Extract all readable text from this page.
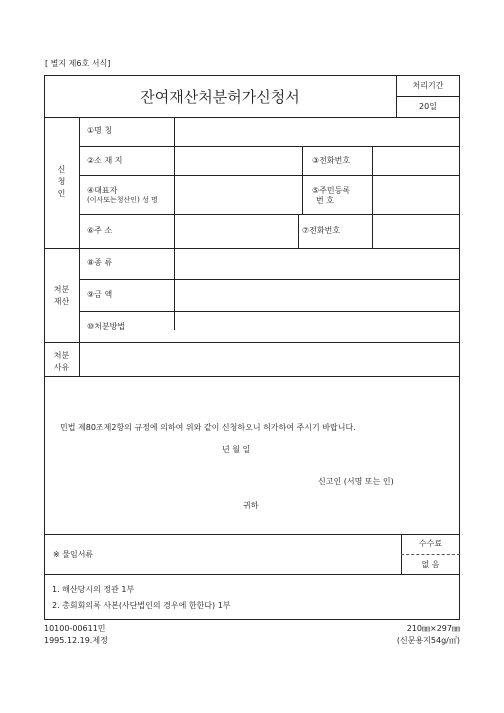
[ 별지 제6호 서식]
잔여재산처분허가신청서
처리기간
20일
신
청
인
①명 칭
②소 재 지	③전화번호
④대표자
(이사또는청산인) 성 명
⑤주민등록
번 호
⑥주 소	⑦전화번호
처분
재산
⑧종 류
⑨금 액
⑩처분방법
처분
사유
민법 제80조제2항의 규정에 의하여 위와 같이 신청하오니 허가하여 주시기 바랍니다.
년 월 일
신고인 (서명 또는 인)
귀하
※ 물임서류
수수료
없 음
1. 해산당시의 정관 1부
2. 총회회의록 사본(사단법인의 경우에 한한다) 1부
10100-00611민
1995.12.19.제정
210㎜×297㎜
(신문용지54g/㎡)
